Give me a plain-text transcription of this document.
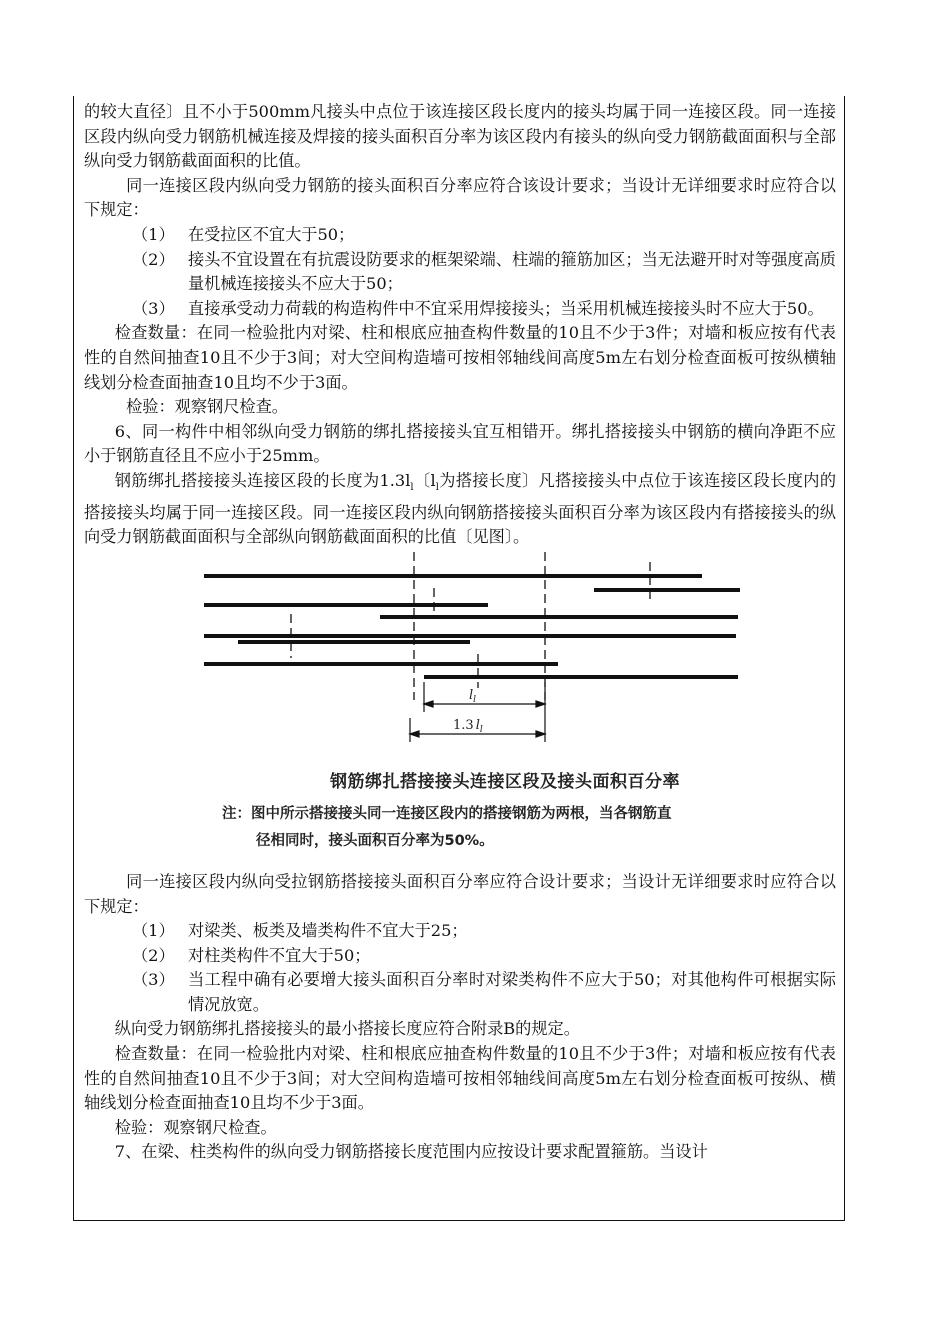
的较大直径〕且不小于500mm凡接头中点位于该连接区段长度内的接头均属于同一连接区段。同一连接区段内纵向受力钢筋机械连接及焊接的接头面积百分率为该区段内有接头的纵向受力钢筋截面面积与全部纵向受力钢筋截面面积的比值。

同一连接区段内纵向受力钢筋的接头面积百分率应符合该设计要求；当设计无详细要求时应符合以下规定：

（1） 在受拉区不宜大于50；
（2） 接头不宜设置在有抗震设防要求的框架梁端、柱端的箍筋加区；当无法避开时对等强度高质量机械连接接头不应大于50；
（3） 直接承受动力荷载的构造构件中不宜采用焊接接头；当采用机械连接接头时不应大于50。

检查数量：在同一检验批内对梁、柱和根底应抽查构件数量的10且不少于3件；对墙和板应按有代表性的自然间抽查10且不少于3间；对大空间构造墙可按相邻轴线间高度5m左右划分检查面板可按纵横轴线划分检查面抽查10且均不少于3面。

检验：观察钢尺检查。

6、同一构件中相邻纵向受力钢筋的绑扎搭接接头宜互相错开。绑扎搭接接头中钢筋的横向净距不应小于钢筋直径且不应小于25mm。

钢筋绑扎搭接接头连接区段的长度为$1.3l_l$〔$l_l$为搭接长度〕凡搭接接头中点位于该连接区段长度内的搭接接头均属于同一连接区段。同一连接区段内纵向钢筋搭接接头面积百分率为该区段内有搭接接头的纵向受力钢筋截面面积与全部纵向钢筋截面面积的比值〔见图〕。

$l_l$
1.3 $l_l$
钢筋绑扎搭接接头连接区段及接头面积百分率
注：图中所示搭接接头同一连接区段内的搭接钢筋为两根，当各钢筋直
径相同时，接头面积百分率为50%。

同一连接区段内纵向受拉钢筋搭接接头面积百分率应符合设计要求；当设计无详细要求时应符合以下规定：

（1） 对梁类、板类及墙类构件不宜大于25；
（2） 对柱类构件不宜大于50；
（3） 当工程中确有必要增大接头面积百分率时对梁类构件不应大于50；对其他构件可根据实际情况放宽。

纵向受力钢筋绑扎搭接接头的最小搭接长度应符合附录B的规定。

检查数量：在同一检验批内对梁、柱和根底应抽查构件数量的10且不少于3件；对墙和板应按有代表性的自然间抽查10且不少于3间；对大空间构造墙可按相邻轴线间高度5m左右划分检查面板可按纵、横轴线划分检查面抽查10且均不少于3面。

检验：观察钢尺检查。

7、在梁、柱类构件的纵向受力钢筋搭接长度范围内应按设计要求配置箍筋。当设计
